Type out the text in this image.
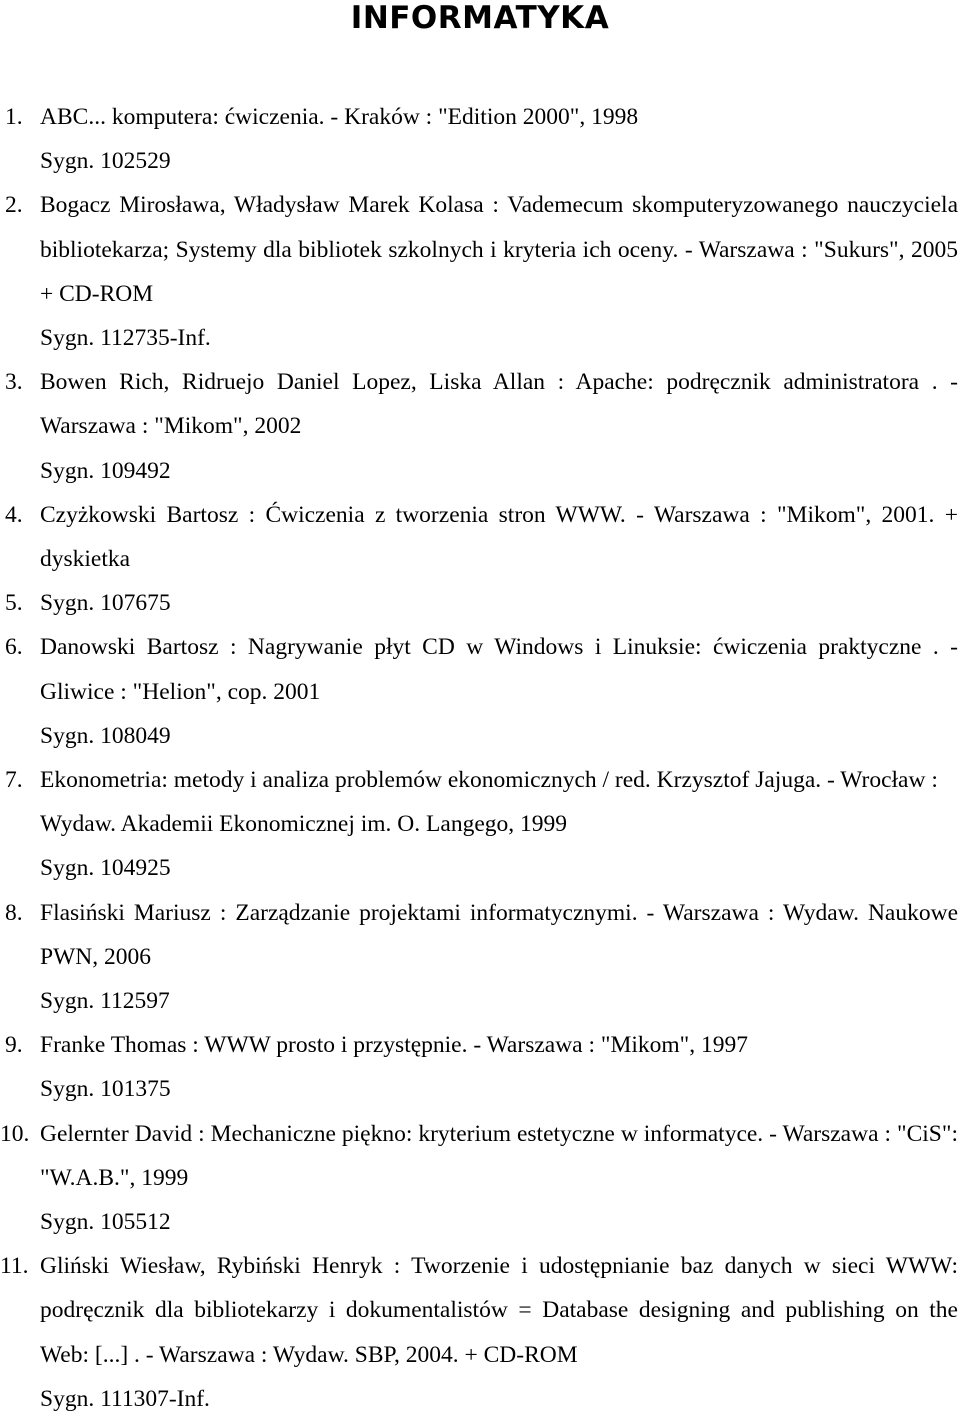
INFORMATYKA
1. ABC... komputera: ćwiczenia. - Kraków : "Edition 2000", 1998
Sygn. 102529
2. Bogacz Mirosława, Władysław Marek Kolasa : Vademecum skomputeryzowanego nauczyciela bibliotekarza; Systemy dla bibliotek szkolnych i kryteria ich oceny. - Warszawa : "Sukurs", 2005 + CD-ROM
Sygn. 112735-Inf.
3. Bowen Rich, Ridruejo Daniel Lopez, Liska Allan : Apache: podręcznik administratora . - Warszawa : "Mikom", 2002
Sygn. 109492
4. Czyżkowski Bartosz : Ćwiczenia z tworzenia stron WWW. - Warszawa : "Mikom", 2001. + dyskietka
5. Sygn. 107675
6. Danowski Bartosz : Nagrywanie płyt CD w Windows i Linuksie: ćwiczenia praktyczne . - Gliwice : "Helion", cop. 2001
Sygn. 108049
7. Ekonometria: metody i analiza problemów ekonomicznych / red. Krzysztof Jajuga. - Wrocław : Wydaw. Akademii Ekonomicznej im. O. Langego, 1999
Sygn. 104925
8. Flasiński Mariusz : Zarządzanie projektami informatycznymi. - Warszawa : Wydaw. Naukowe PWN, 2006
Sygn. 112597
9. Franke Thomas : WWW prosto i przystępnie. - Warszawa : "Mikom", 1997
Sygn. 101375
10. Gelernter David : Mechaniczne piękno: kryterium estetyczne w informatyce. - Warszawa : "CiS": "W.A.B.", 1999
Sygn. 105512
11. Gliński Wiesław, Rybiński Henryk : Tworzenie i udostępnianie baz danych w sieci WWW: podręcznik dla bibliotekarzy i dokumentalistów = Database designing and publishing on the Web: [...] . - Warszawa : Wydaw. SBP, 2004. + CD-ROM
Sygn. 111307-Inf.
